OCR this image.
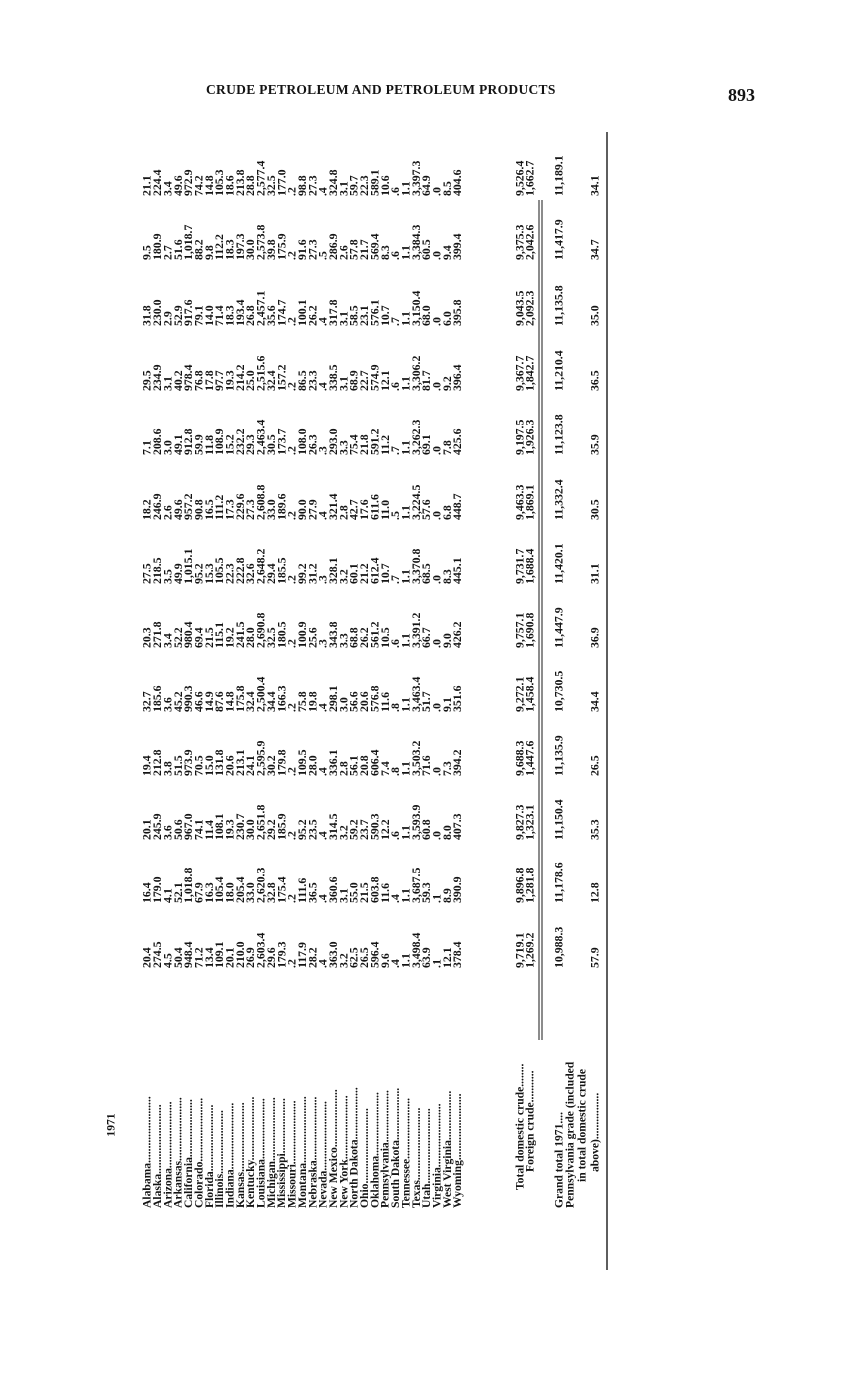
CRUDE PETROLEUM AND PETROLEUM PRODUCTS	893
1971 Alabama.......................
20.4
16.4
20.1
19.4
32.7
20.3
27.5
18.2
7.1
29.5
31.8
9.5
21.1
Alaska........................
274.5
179.0
245.9
212.8
185.6
271.8
218.5
246.9
208.6
234.9
230.0
180.9
224.4
Arizona.......................
4.5
4.1
3.6
3.8
3.6
3.4
3.5
2.6
3.0
3.1
2.9
2.7
3.4
Arkansas......................
50.4
52.1
50.6
51.5
45.2
52.2
49.9
49.6
49.1
40.2
52.9
51.6
49.6
California....................
948.4
1,018.8
967.0
973.9
990.3
980.4
1,015.1
957.2
912.8
978.4
917.6
1,018.7
972.9
Colorado......................
71.2
67.9
74.1
70.5
46.6
69.4
95.2
90.8
59.9
76.8
79.1
88.2
74.2
Florida.......................
13.4
16.3
11.4
15.0
14.9
21.5
15.3
16.5
11.8
17.8
14.0
9.8
14.8
Illinois......................
109.1
105.4
108.1
131.8
87.6
115.1
105.5
111.2
108.9
97.7
71.4
112.2
105.3
Indiana.......................
20.1
18.0
19.3
20.6
14.8
19.2
22.3
17.3
15.2
19.3
18.3
18.3
18.6
Kansas........................
210.0
205.4
230.7
213.1
175.8
241.5
222.8
229.6
232.2
214.2
193.4
197.3
213.8
Kentucky......................
26.9
33.0
30.0
24.1
32.4
28.0
32.6
27.3
29.3
25.0
26.8
30.0
28.8
Louisiana.....................
2,603.4
2,620.3
2,651.8
2,595.9
2,500.4
2,690.8
2,648.2
2,608.8
2,463.4
2,515.6
2,457.1
2,573.8
2,577.4
Michigan......................
29.6
32.8
29.2
30.2
34.4
32.5
29.4
33.0
30.5
32.4
35.6
39.8
32.5
Mississippi...................
179.3
175.4
185.9
179.8
166.3
180.5
185.5
189.6
173.7
157.2
174.7
175.9
177.0
Missouri......................
.2
.2
.2
.2
.2
.2
.2
.2
.2
.2
.2
.2
.2
Montana.......................
117.9
111.6
95.2
109.5
75.8
100.9
99.2
90.0
108.0
86.5
100.1
91.6
98.8
Nebraska......................
28.2
36.5
23.5
28.0
19.8
25.6
31.2
27.9
26.3
23.3
26.2
27.3
27.3
Nevada........................
.4
.4
.4
.4
.4
.3
.3
.4
.3
.4
.4
.5
.4
New Mexico....................
363.0
360.6
314.5
336.1
298.1
343.8
328.1
321.4
293.0
338.5
317.8
286.9
324.8
New York......................
3.2
3.1
3.2
2.8
3.0
3.3
3.2
2.8
3.3
3.1
3.1
2.6
3.1
North Dakota..................
62.5
55.0
59.2
56.1
56.6
68.8
60.1
42.7
75.4
68.9
58.5
57.8
59.7
Ohio..........................
26.5
21.5
23.7
20.8
20.6
26.2
21.2
17.6
21.8
22.7
23.1
21.7
22.3
Oklahoma......................
596.4
603.8
590.3
606.4
576.8
561.2
612.4
611.6
591.2
574.9
576.1
569.4
589.1
Pennsylvania..................
9.6
11.6
12.2
7.4
11.6
10.5
10.7
11.0
11.2
12.1
10.7
8.3
10.6
South Dakota..................
.4
.4
.6
.8
.8
.6
.7
.5
.7
.6
.7
.6
.6
Tennessee.....................
1.1
1.1
1.1
1.1
1.1
1.1
1.1
1.1
1.1
1.1
1.1
1.1
1.1
Texas.........................
3,498.4
3,687.5
3,593.9
3,503.2
3,463.4
3,391.2
3,370.8
3,224.5
3,262.3
3,306.2
3,150.4
3,384.3
3,397.3
Utah..........................
63.9
59.3
60.8
71.6
51.7
66.7
68.5
57.6
69.1
81.7
68.0
60.5
64.9
Virginia......................
.1
.1
.0
.0
.0
.0
.0
.0
.0
.0
.0
.0
.0
West Virginia.................
12.1
8.9
8.0
7.3
9.1
9.0
8.3
6.8
7.8
9.2
6.0
9.4
8.5
Wyoming.......................
378.4
390.9
407.3
394.2
351.6
426.2
445.1
448.7
425.6
396.4
395.8
399.4
404.6
Total domestic crude........
9,719.1
9,896.8
9,827.3
9,688.3
9,272.1
9,757.1
9,731.7
9,463.3
9,197.5
9,367.7
9,043.5
9,375.3
9,526.4
Foreign crude...........
1,269.2
1,281.8
1,323.1
1,447.6
1,458.4
1,690.8
1,688.4
1,869.1
1,926.3
1,842.7
2,092.3
2,042.6
1,662.7
Grand total 1971....
10,988.3
11,178.6
11,150.4
11,135.9
10,730.5
11,447.9
11,420.1
11,332.4
11,123.8
11,210.4
11,135.8
11,417.9
11,189.1
Pennsylvania grade (included in total domestic crude above)................
57.9
12.8
35.3
26.5
34.4
36.9
31.1
30.5
35.9
36.5
35.0
34.7
34.1
